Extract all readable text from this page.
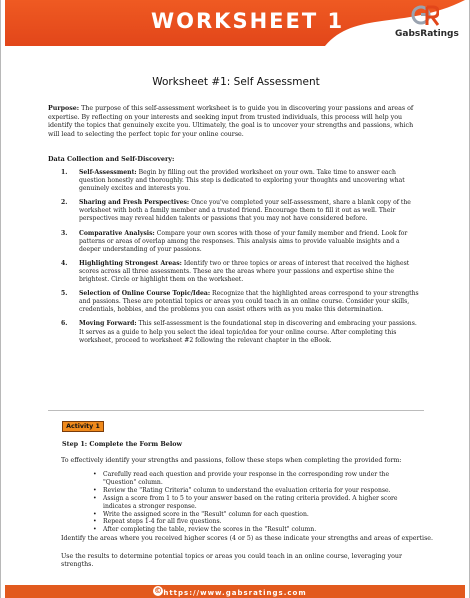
WORKSHEET 1
GabsRatings
Worksheet #1: Self Assessment
Purpose: The purpose of this self-assessment worksheet is to guide you in discovering your passions and areas of expertise. By reflecting on your interests and seeking input from trusted individuals, this process will help you identify the topics that genuinely excite you. Ultimately, the goal is to uncover your strengths and passions, which will lead to selecting the perfect topic for your online course.
Data Collection and Self-Discovery:
1. Self-Assessment: Begin by filling out the provided worksheet on your own. Take time to answer each question honestly and thoroughly. This step is dedicated to exploring your thoughts and uncovering what genuinely excites and interests you.
2. Sharing and Fresh Perspectives: Once you've completed your self-assessment, share a blank copy of the worksheet with both a family member and a trusted friend. Encourage them to fill it out as well. Their perspectives may reveal hidden talents or passions that you may not have considered before.
3. Comparative Analysis: Compare your own scores with those of your family member and friend. Look for patterns or areas of overlap among the responses. This analysis aims to provide valuable insights and a deeper understanding of your passions.
4. Highlighting Strongest Areas: Identify two or three topics or areas of interest that received the highest scores across all three assessments. These are the areas where your passions and expertise shine the brightest. Circle or highlight them on the worksheet.
5. Selection of Online Course Topic/Idea: Recognize that the highlighted areas correspond to your strengths and passions. These are potential topics or areas you could teach in an online course. Consider your skills, credentials, hobbies, and the problems you can assist others with as you make this determination.
6. Moving Forward: This self-assessment is the foundational step in discovering and embracing your passions. It serves as a guide to help you select the ideal topic/idea for your online course. After completing this worksheet, proceed to worksheet #2 following the relevant chapter in the eBook.
Activity 1
Step 1: Complete the Form Below
To effectively identify your strengths and passions, follow these steps when completing the provided form:
• Carefully read each question and provide your response in the corresponding row under the "Question" column.
• Review the "Rating Criteria" column to understand the evaluation criteria for your response.
• Assign a score from 1 to 5 to your answer based on the rating criteria provided. A higher score indicates a stronger response.
• Write the assigned score in the "Result" column for each question.
• Repeat steps 1-4 for all five questions.
• After completing the table, review the scores in the "Result" column.
Identify the areas where you received higher scores (4 or 5) as these indicate your strengths and areas of expertise.
Use the results to determine potential topics or areas you could teach in an online course, leveraging your strengths.
© https://www.gabsratings.com
